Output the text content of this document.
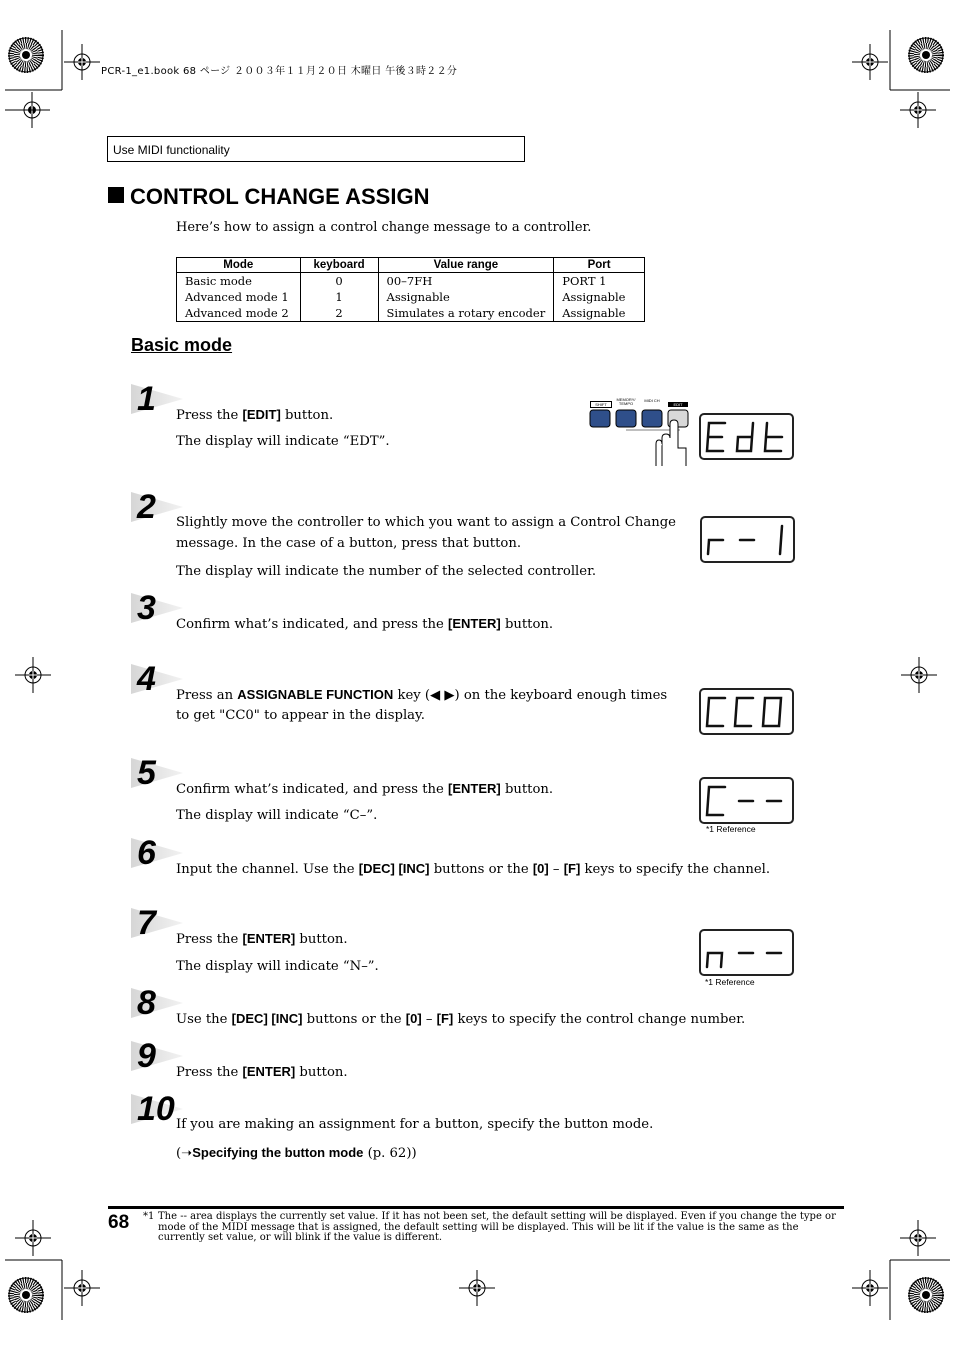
PCR-1_e1.book 68 ページ ２００３年１１月２０日 木曜日 午後３時２２分
Use MIDI functionality
CONTROL CHANGE ASSIGN
Here’s how to assign a control change message to a controller.
Mode	keyboard	Value range	Port
Basic mode	0	00–7FH	PORT 1
Advanced mode 1	1	Assignable	Assignable
Advanced mode 2	2	Simulates a rotary encoder	Assignable
Basic mode
1 Press the [EDIT] button.
The display will indicate “EDT”.
SHIFT
MEMORY/ TEMPO
MIDI CH
EDIT
2 Slightly move the controller to which you want to assign a Control Change
message. In the case of a button, press that button.
The display will indicate the number of the selected controller.
3 Confirm what’s indicated, and press the [ENTER] button.
4 Press an ASSIGNABLE FUNCTION key (◀ ▶) on the keyboard enough times
to get "CC0" to appear in the display.
5 Confirm what’s indicated, and press the [ENTER] button.
The display will indicate “C–”.
*1 Reference
6 Input the channel. Use the [DEC] [INC] buttons or the [0] – [F] keys to specify the channel.
7 Press the [ENTER] button.
The display will indicate “N–”.
*1 Reference
8 Use the [DEC] [INC] buttons or the [0] – [F] keys to specify the control change number.
9 Press the [ENTER] button.
10 If you are making an assignment for a button, specify the button mode.
(➝Specifying the button mode (p. 62))
68 *1 The -- area displays the currently set value. If it has not been set, the default setting will be displayed. Even if you change the type or mode of the MIDI message that is assigned, the default setting will be displayed. This will be lit if the value is the same as the currently set value, or will blink if the value is different.
